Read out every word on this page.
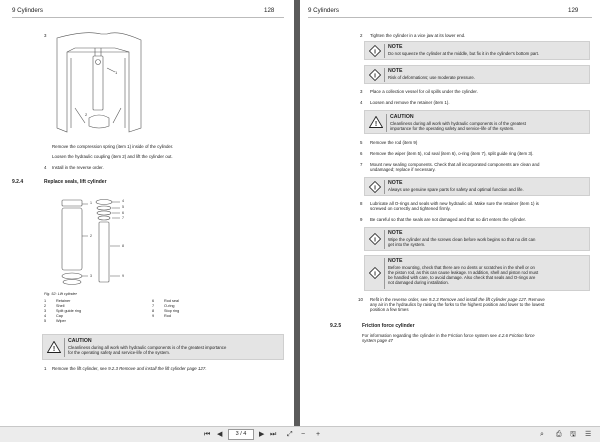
9 Cylinders	128
3
1
2
Remove the compression spring (item 1) inside of the cylinder.
Loosen the hydraulic coupling (item 2) and lift the cylinder out.
4 Install in the reverse order.
9.2.4	Replace seals, lift cylinder
1
2
3
4
5
6
7
8
9
Fig. 52: Lift cylinder
1	Retainer
2	Shell
3	Split guide ring
4	Cap
5	Wiper
6	Rod seal
7	O-ring
8	Stop ring
9	Rod
!
CAUTION
Cleanliness during all work with hydraulic components is of the greatest importance
for the operating safety and service-life of the system.
1 Remove the lift cylinder, see 9.2.3 Remove and install the lift cylinder page 127.
9 Cylinders	129
2 Tighten the cylinder in a vice jaw at its lower end.
i
NOTE
Do not squeeze the cylinder at the middle, but fix it in the cylinder's bottom part.
i
NOTE
Risk of deformations; use moderate pressure.
3 Place a collection vessel for oil spills under the cylinder.
4 Loosen and remove the retainer (item 1).
!
CAUTION
Cleanliness during all work with hydraulic components is of the greatest
importance for the operating safety and service-life of the system.
5 Remove the rod (item 9)
6 Remove the wiper (item 5), rod seal (item 6), o-ring (item 7), split guide ring (item 3).
7 Mount new sealing components. Check that all incorporated components are clean and
undamaged; replace if necessary.
i
NOTE
Always use genuine spare parts for safety and optimal function and life.
8 Lubricate all O-rings and seals with new hydraulic oil. Make sure the retainer (item 1) is
screwed on correctly and tightened firmly.
9 Be careful so that the seals are not damaged and that no dirt enters the cylinder.
i
NOTE
Wipe the cylinder and the screws clean before work begins so that no dirt can
get into the system.
i
NOTE
Before mounting, check that there are no dents or scratches in the shell or on
the piston rod, as this can cause leakage. In addition, shell and piston rod must
be handled with care, to avoid damage. Also check that seals and O-rings are
not damaged during installation.
10 Refit in the reverse order, see 9.2.3 Remove and install the lift cylinder page 127. Remove
any air in the hydraulics by raising the forks to the highest position and lower to the lowest
position a few times
9.2.5	Friction force cylinder
For information regarding the cylinder in the Friction force system see 4.2.6 Friction force
system page 47
⏮ ◀	3 / 4	▶ ⏭ ⤢ − +	⌕ ⎙ 🖫 ☰
